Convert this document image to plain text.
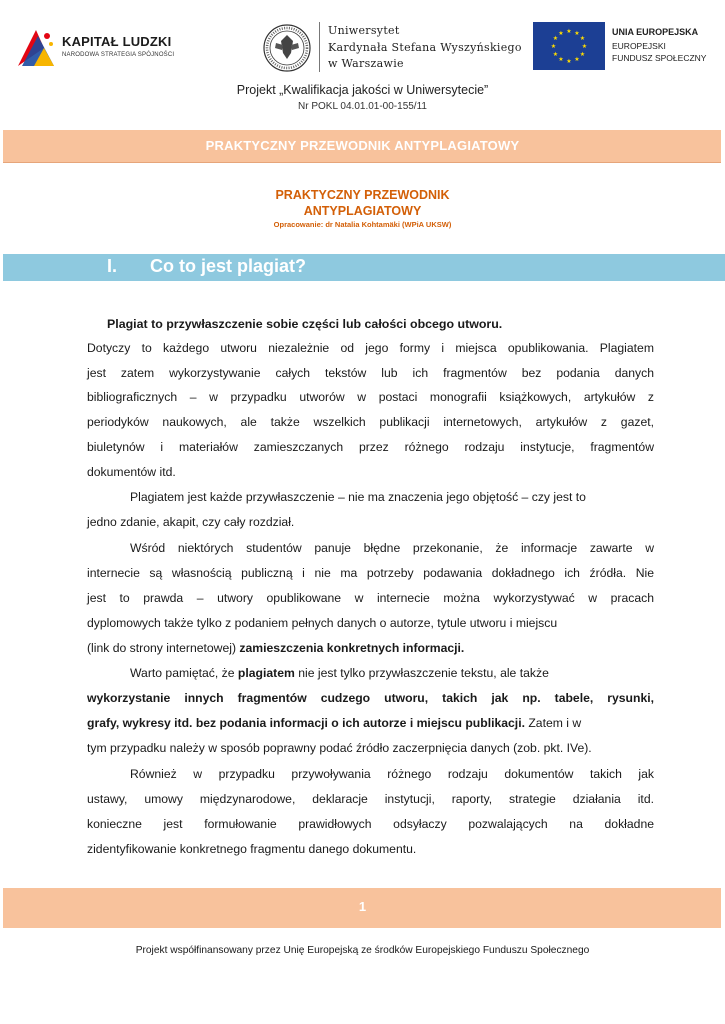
KAPITAŁ LUDZKI
NARODOWA STRATEGIA SPÓJNOŚCI
Uniwersytet
Kardynała Stefana Wyszyńskiego
w Warszawie
★ ★
★
★
★
★
★
★
★
★
★
★	UNIA EUROPEJSKA
EUROPEJSKI
FUNDUSZ SPOŁECZNY
Projekt „Kwalifikacja jakości w Uniwersytecie”
Nr POKL 04.01.01-00-155/11
PRAKTYCZNY PRZEWODNIK ANTYPLAGIATOWY
PRAKTYCZNY PRZEWODNIK
ANTYPLAGIATOWY
Opracowanie: dr Natalia Kohtamäki (WPiA UKSW)
I. Co to jest plagiat?
Plagiat to przywłaszczenie sobie części lub całości obcego utworu.
Dotyczy to każdego utworu niezależnie od jego formy i miejsca opublikowania. Plagiatem
jest zatem wykorzystywanie całych tekstów lub ich fragmentów bez podania danych
bibliograficznych – w przypadku utworów w postaci monografii książkowych, artykułów z
periodyków naukowych, ale także wszelkich publikacji internetowych, artykułów z gazet,
biuletynów i materiałów zamieszczanych przez różnego rodzaju instytucje, fragmentów
dokumentów itd.
Plagiatem jest każde przywłaszczenie – nie ma znaczenia jego objętość – czy jest to
jedno zdanie, akapit, czy cały rozdział.
Wśród niektórych studentów panuje błędne przekonanie, że informacje zawarte w
internecie są własnością publiczną i nie ma potrzeby podawania dokładnego ich źródła. Nie
jest to prawda – utwory opublikowane w internecie można wykorzystywać w pracach
dyplomowych także tylko z podaniem pełnych danych o autorze, tytule utworu i miejscu
(link do strony internetowej) zamieszczenia konkretnych informacji.
Warto pamiętać, że plagiatem nie jest tylko przywłaszczenie tekstu, ale także
wykorzystanie innych fragmentów cudzego utworu, takich jak np. tabele, rysunki,
grafy, wykresy itd. bez podania informacji o ich autorze i miejscu publikacji. Zatem i w
tym przypadku należy w sposób poprawny podać źródło zaczerpnięcia danych (zob. pkt. IVe).
Również w przypadku przywoływania różnego rodzaju dokumentów takich jak
ustawy, umowy międzynarodowe, deklaracje instytucji, raporty, strategie działania itd.
konieczne jest formułowanie prawidłowych odsyłaczy pozwalających na dokładne
zidentyfikowanie konkretnego fragmentu danego dokumentu.
1
Projekt współfinansowany przez Unię Europejską ze środków Europejskiego Funduszu Społecznego
